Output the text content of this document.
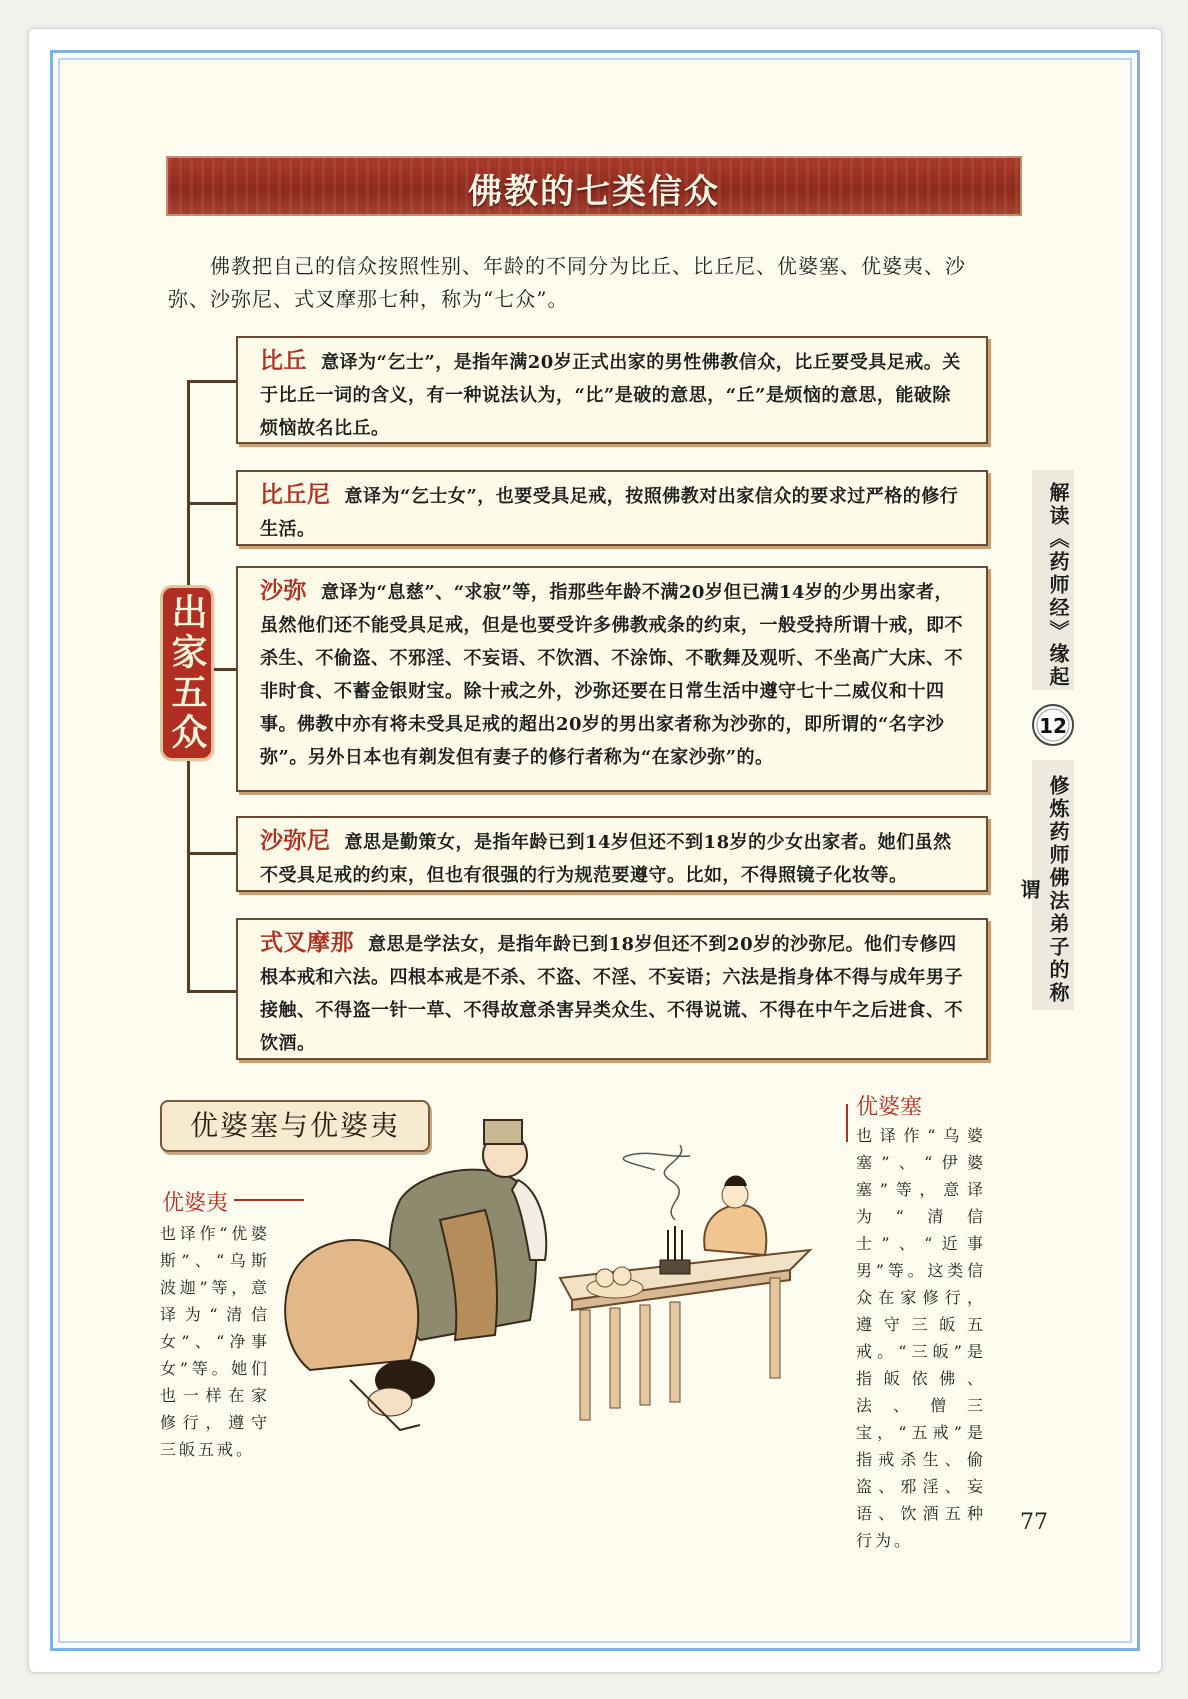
佛教的七类信众
佛教把自己的信众按照性别、年龄的不同分为比丘、比丘尼、优婆塞、优婆夷、沙弥、沙弥尼、式叉摩那七种，称为“七众”。
出家五众
比丘 意译为“乞士”，是指年满20岁正式出家的男性佛教信众，比丘要受具足戒。关于比丘一词的含义，有一种说法认为，“比”是破的意思，“丘”是烦恼的意思，能破除烦恼故名比丘。
比丘尼 意译为“乞士女”，也要受具足戒，按照佛教对出家信众的要求过严格的修行生活。
沙弥 意译为“息慈”、“求寂”等，指那些年龄不满20岁但已满14岁的少男出家者，虽然他们还不能受具足戒，但是也要受许多佛教戒条的约束，一般受持所谓十戒，即不杀生、不偷盗、不邪淫、不妄语、不饮酒、不涂饰、不歌舞及观听、不坐高广大床、不非时食、不蓄金银财宝。除十戒之外，沙弥还要在日常生活中遵守七十二威仪和十四事。佛教中亦有将未受具足戒的超出20岁的男出家者称为沙弥的，即所谓的“名字沙弥”。另外日本也有剃发但有妻子的修行者称为“在家沙弥”的。
沙弥尼 意思是勤策女，是指年龄已到14岁但还不到18岁的少女出家者。她们虽然不受具足戒的约束，但也有很强的行为规范要遵守。比如，不得照镜子化妆等。
式叉摩那 意思是学法女，是指年龄已到18岁但还不到20岁的沙弥尼。他们专修四根本戒和六法。四根本戒是不杀、不盗、不淫、不妄语；六法是指身体不得与成年男子接触、不得盗一针一草、不得故意杀害异类众生、不得说谎、不得在中午之后进食、不饮酒。
优婆塞与优婆夷
优婆夷
也译作“优婆斯”、“乌斯波迦”等，意译为“清信女”、“净事女”等。她们也一样在家修行，遵守三皈五戒。
优婆塞
也译作“乌婆塞”、“伊婆塞”等，意译为“清信士”、“近事男”等。这类信众在家修行，遵守三皈五戒。“三皈”是指皈依佛、法、僧三宝，“五戒”是指戒杀生、偷盗、邪淫、妄语、饮酒五种行为。
解读《药师经》缘起
12
修炼药师佛法弟子的称谓
77
